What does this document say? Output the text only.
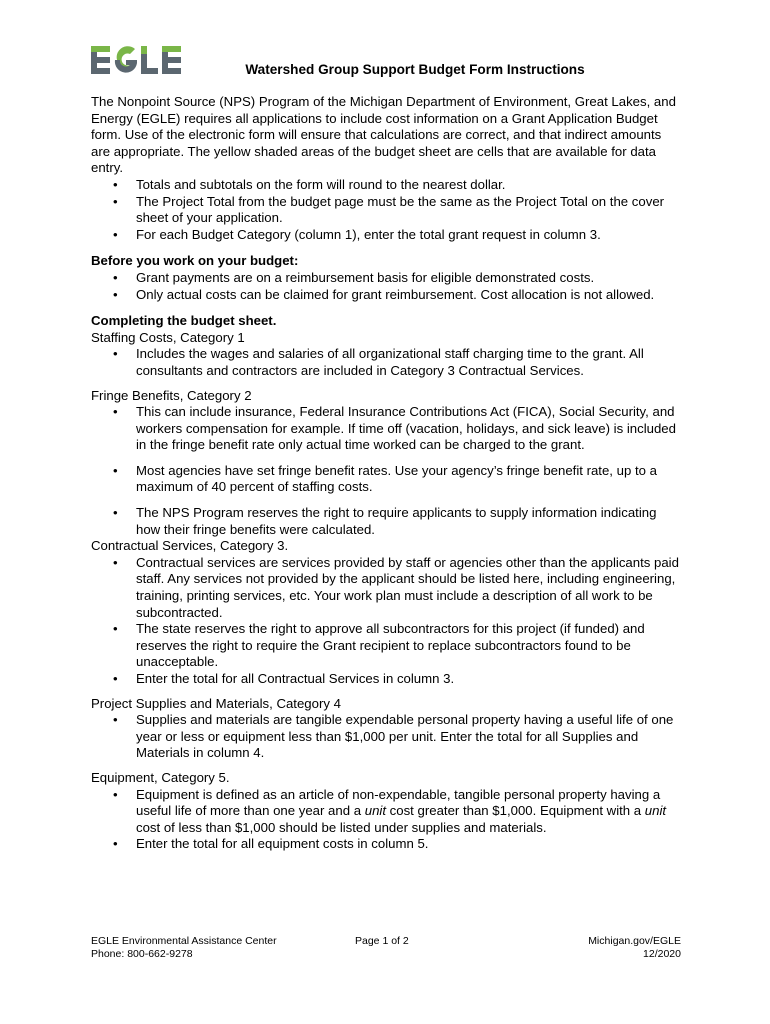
Watershed Group Support Budget Form Instructions

The Nonpoint Source (NPS) Program of the Michigan Department of Environment, Great Lakes, and Energy (EGLE) requires all applications to include cost information on a Grant Application Budget form. Use of the electronic form will ensure that calculations are correct, and that indirect amounts are appropriate. The yellow shaded areas of the budget sheet are cells that are available for data entry.

• Totals and subtotals on the form will round to the nearest dollar.
• The Project Total from the budget page must be the same as the Project Total on the cover sheet of your application.
• For each Budget Category (column 1), enter the total grant request in column 3.

Before you work on your budget:

• Grant payments are on a reimbursement basis for eligible demonstrated costs.
• Only actual costs can be claimed for grant reimbursement. Cost allocation is not allowed.

Completing the budget sheet.

Staffing Costs, Category 1

• Includes the wages and salaries of all organizational staff charging time to the grant. All consultants and contractors are included in Category 3 Contractual Services.

Fringe Benefits, Category 2

• This can include insurance, Federal Insurance Contributions Act (FICA), Social Security, and workers compensation for example. If time off (vacation, holidays, and sick leave) is included in the fringe benefit rate only actual time worked can be charged to the grant.
• Most agencies have set fringe benefit rates. Use your agency’s fringe benefit rate, up to a maximum of 40 percent of staffing costs.
• The NPS Program reserves the right to require applicants to supply information indicating how their fringe benefits were calculated.

Contractual Services, Category 3.

• Contractual services are services provided by staff or agencies other than the applicants paid staff. Any services not provided by the applicant should be listed here, including engineering, training, printing services, etc. Your work plan must include a description of all work to be subcontracted.
• The state reserves the right to approve all subcontractors for this project (if funded) and reserves the right to require the Grant recipient to replace subcontractors found to be unacceptable.
• Enter the total for all Contractual Services in column 3.

Project Supplies and Materials, Category 4

• Supplies and materials are tangible expendable personal property having a useful life of one year or less or equipment less than $1,000 per unit. Enter the total for all Supplies and Materials in column 4.

Equipment, Category 5.

• Equipment is defined as an article of non-expendable, tangible personal property having a useful life of more than one year and a unit cost greater than $1,000. Equipment with a unit cost of less than $1,000 should be listed under supplies and materials.
• Enter the total for all equipment costs in column 5.
EGLE Environmental Assistance Center
Phone: 800-662-9278
Page 1 of 2	Michigan.gov/EGLE
12/2020
